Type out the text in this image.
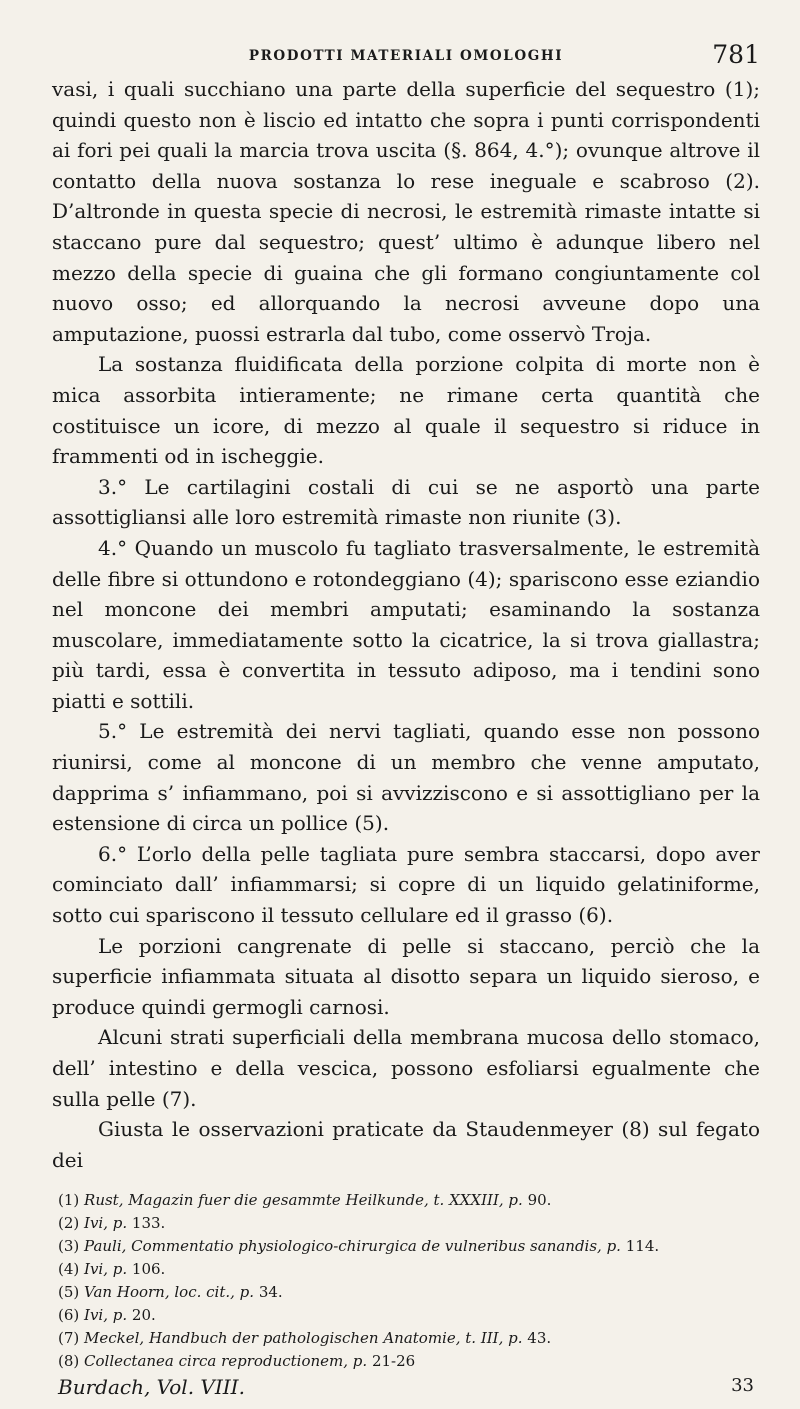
PRODOTTI MATERIALI OMOLOGHI	781

vasi, i quali succhiano una parte della superficie del sequestro (1); quindi questo non è liscio ed intatto che sopra i punti corrispondenti ai fori pei quali la marcia trova uscita (§. 864, 4.°); ovunque altrove il contatto della nuova sostanza lo rese ineguale e scabroso (2). D’altronde in questa specie di necrosi, le estremità rimaste intatte si staccano pure dal sequestro; quest’ ultimo è adunque libero nel mezzo della specie di guaina che gli formano congiuntamente col nuovo osso; ed allorquando la necrosi avveune dopo una amputazione, puossi estrarla dal tubo, come osservò Troja.

La sostanza fluidificata della porzione colpita di morte non è mica assorbita intieramente; ne rimane certa quantità che costituisce un icore, di mezzo al quale il sequestro si riduce in frammenti od in ischeggie.

3.° Le cartilagini costali di cui se ne asportò una parte assottigliansi alle loro estremità rimaste non riunite (3).

4.° Quando un muscolo fu tagliato trasversalmente, le estremità delle fibre si ottundono e rotondeggiano (4); spariscono esse eziandio nel moncone dei membri amputati; esaminando la sostanza muscolare, immediatamente sotto la cicatrice, la si trova giallastra; più tardi, essa è convertita in tessuto adiposo, ma i tendini sono piatti e sottili.

5.° Le estremità dei nervi tagliati, quando esse non possono riunirsi, come al moncone di un membro che venne amputato, dapprima s’ infiammano, poi si avvizziscono e si assottigliano per la estensione di circa un pollice (5).

6.° L’orlo della pelle tagliata pure sembra staccarsi, dopo aver cominciato dall’ infiammarsi; si copre di un liquido gelatiniforme, sotto cui spariscono il tessuto cellulare ed il grasso (6).

Le porzioni cangrenate di pelle si staccano, perciò che la superficie infiammata situata al disotto separa un liquido sieroso, e produce quindi germogli carnosi.

Alcuni strati superficiali della membrana mucosa dello stomaco, dell’ intestino e della vescica, possono esfoliarsi egualmente che sulla pelle (7).

Giusta le osservazioni praticate da Staudenmeyer (8) sul fegato dei

(1) Rust, Magazin fuer die gesammte Heilkunde, t. XXXIII, p. 90.
(2) Ivi, p. 133.
(3) Pauli, Commentatio physiologico-chirurgica de vulneribus sanandis, p. 114.
(4) Ivi, p. 106.
(5) Van Hoorn, loc. cit., p. 34.
(6) Ivi, p. 20.
(7) Meckel, Handbuch der pathologischen Anatomie, t. III, p. 43.
(8) Collectanea circa reproductionem, p. 21-26
Burdach, Vol. VIII.	33
